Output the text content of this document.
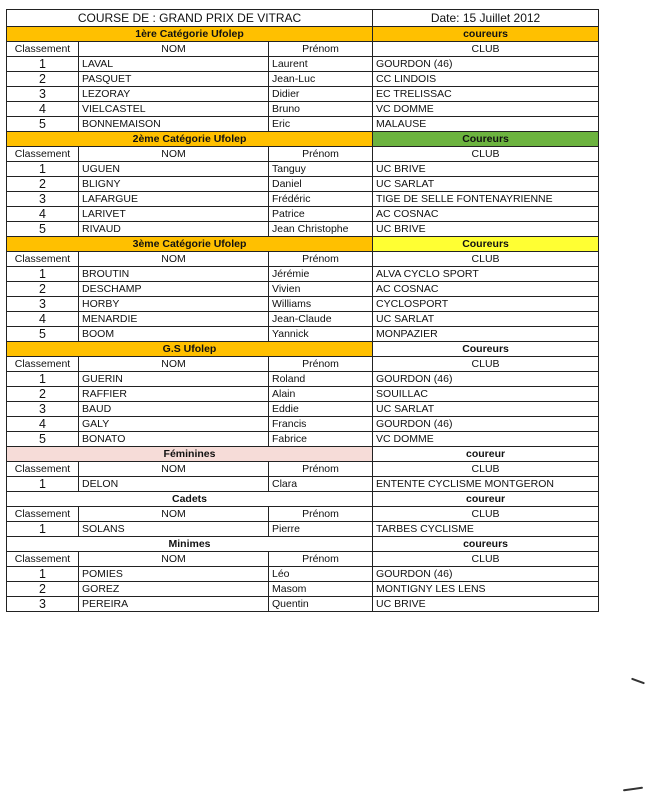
COURSE DE : GRAND PRIX DE VITRAC			Date: 15 Juillet 2012
1ère Catégorie Ufolep			coureurs
Classement	NOM	Prénom	CLUB
1	LAVAL	Laurent	GOURDON (46)
2	PASQUET	Jean-Luc	CC LINDOIS
3	LEZORAY	Didier	EC TRELISSAC
4	VIELCASTEL	Bruno	VC DOMME
5	BONNEMAISON	Eric	MALAUSE
2ème Catégorie Ufolep			Coureurs
Classement	NOM	Prénom	CLUB
1	UGUEN	Tanguy	UC BRIVE
2	BLIGNY	Daniel	UC SARLAT
3	LAFARGUE	Frédéric	TIGE DE SELLE FONTENAYRIENNE
4	LARIVET	Patrice	AC COSNAC
5	RIVAUD	Jean Christophe	UC BRIVE
3ème Catégorie Ufolep			Coureurs
Classement	NOM	Prénom	CLUB
1	BROUTIN	Jérémie	ALVA CYCLO SPORT
2	DESCHAMP	Vivien	AC COSNAC
3	HORBY	Williams	CYCLOSPORT
4	MENARDIE	Jean-Claude	UC SARLAT
5	BOOM	Yannick	MONPAZIER
G.S Ufolep			Coureurs
Classement	NOM	Prénom	CLUB
1	GUERIN	Roland	GOURDON (46)
2	RAFFIER	Alain	SOUILLAC
3	BAUD	Eddie	UC SARLAT
4	GALY	Francis	GOURDON (46)
5	BONATO	Fabrice	VC DOMME
Féminines			coureur
Classement	NOM	Prénom	CLUB
1	DELON	Clara	ENTENTE CYCLISME MONTGERON
Cadets			coureur
Classement	NOM	Prénom	CLUB
1	SOLANS	Pierre	TARBES CYCLISME
Minimes			coureurs
Classement	NOM	Prénom	CLUB
1	POMIES	Léo	GOURDON (46)
2	GOREZ	Masom	MONTIGNY LES LENS
3	PEREIRA	Quentin	UC BRIVE
